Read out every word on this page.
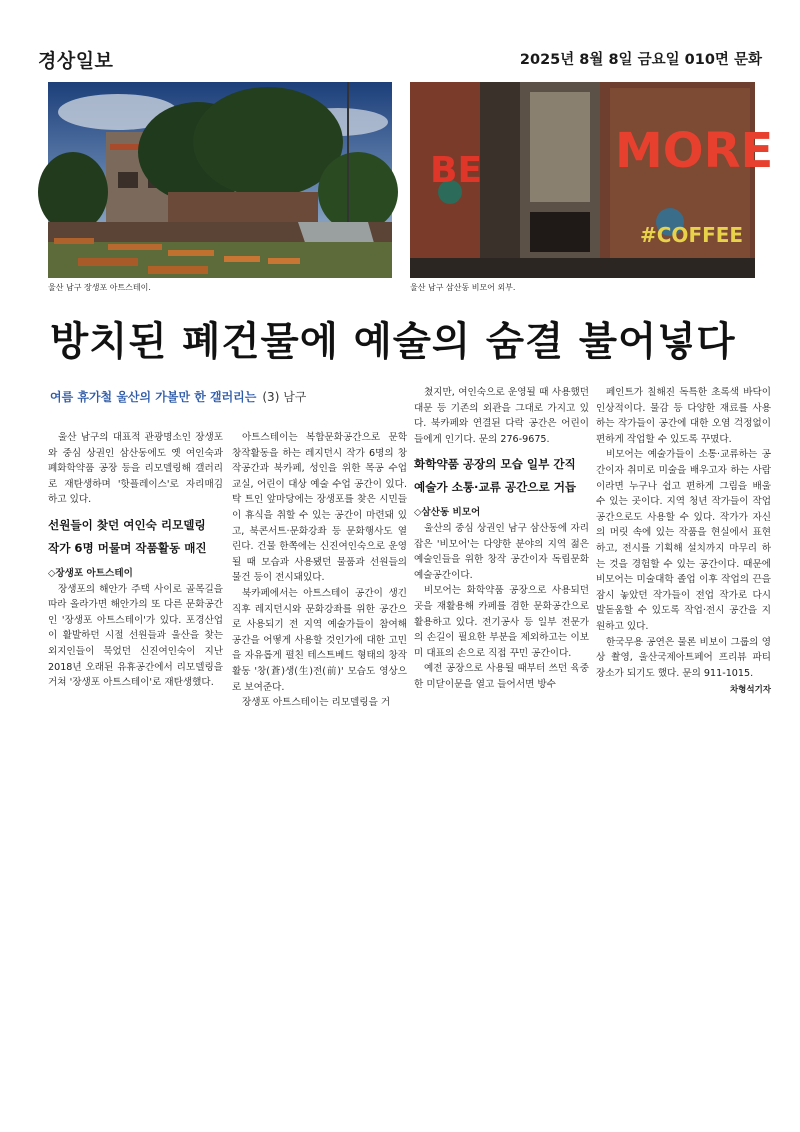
경상일보	2025년 8월 8일 금요일 010면 문화
울산 남구 장생포 아트스테이.
BE	MORE
#COFFEE
울산 남구 삼산동 비모어 외부.
방치된 폐건물에 예술의 숨결 불어넣다
여름 휴가철 울산의 가볼만 한 갤러리는 (3) 남구

울산 남구의 대표적 관광명소인 장생포와 중심 상권인 삼산동에도 옛 여인숙과 폐화학약품 공장 등을 리모델링해 갤러리로 재탄생하며 '핫플레이스'로 자리매김 하고 있다.

선원들이 찾던 여인숙 리모델링
작가 6명 머물며 작품활동 매진

◇장생포 아트스테이

장생포의 해안가 주택 사이로 골목길을 따라 올라가면 해안가의 또 다른 문화공간인 '장생포 아트스테이'가 있다. 포경산업이 활발하던 시절 선원들과 울산을 찾는 외지인들이 묵었던 신진여인숙이 지난 2018년 오래된 유휴공간에서 리모델링을 거쳐 '장생포 아트스테이'로 재탄생했다.

아트스테이는 복합문화공간으로 문학 창작활동을 하는 레지던시 작가 6명의 창작공간과 북카페, 성인을 위한 목공 수업교실, 어린이 대상 예술 수업 공간이 있다. 탁 트인 앞마당에는 장생포를 찾은 시민들이 휴식을 취할 수 있는 공간이 마련돼 있고, 북콘서트·문화강좌 등 문화행사도 열린다. 건물 한쪽에는 신진여인숙으로 운영될 때 모습과 사용됐던 물품과 선원들의 물건 등이 전시돼있다.

북카페에서는 아트스테이 공간이 생긴 직후 레지던시와 문화강좌를 위한 공간으로 사용되기 전 지역 예술가들이 참여해 공간을 어떻게 사용할 것인가에 대한 고민을 자유롭게 펼친 테스트베드 형태의 창작활동 '창(蒼)생(生)전(前)' 모습도 영상으로 보여준다.

장생포 아트스테이는 리모델링을 거

쳤지만, 여인숙으로 운영될 때 사용했던 대문 등 기존의 외관을 그대로 가지고 있다. 북카페와 연결된 다락 공간은 어린이들에게 인기다. 문의 276-9675.

화학약품 공장의 모습 일부 간직
예술가 소통·교류 공간으로 거듭

◇삼산동 비모어

울산의 중심 상권인 남구 삼산동에 자리잡은 '비모어'는 다양한 분야의 지역 젊은 예술인들을 위한 창작 공간이자 독립문화예술공간이다.

비모어는 화학약품 공장으로 사용되던 곳을 재활용해 카페를 겸한 문화공간으로 활용하고 있다. 전기공사 등 일부 전문가의 손길이 필요한 부분을 제외하고는 이보미 대표의 손으로 직접 꾸민 공간이다.

예전 공장으로 사용될 때부터 쓰던 육중한 미닫이문을 열고 들어서면 방수

페인트가 칠해진 독특한 초록색 바닥이 인상적이다. 물감 등 다양한 재료를 사용하는 작가들이 공간에 대한 오염 걱정없이 편하게 작업할 수 있도록 꾸몄다.

비모어는 예술가들이 소통·교류하는 공간이자 취미로 미술을 배우고자 하는 사람이라면 누구나 쉽고 편하게 그림을 배울 수 있는 곳이다. 지역 청년 작가들이 작업공간으로도 사용할 수 있다. 작가가 자신의 머릿 속에 있는 작품을 현실에서 표현하고, 전시를 기획해 설치까지 마무리 하는 것을 경험할 수 있는 공간이다. 때문에 비모어는 미술대학 졸업 이후 작업의 끈을 잠시 놓았던 작가들이 전업 작가로 다시 발돋움할 수 있도록 작업·전시 공간을 지원하고 있다.

한국무용 공연은 물론 비보이 그룹의 영상 촬영, 울산국제아트페어 프리뷰 파티 장소가 되기도 했다. 문의 911-1015.

차형석기자
